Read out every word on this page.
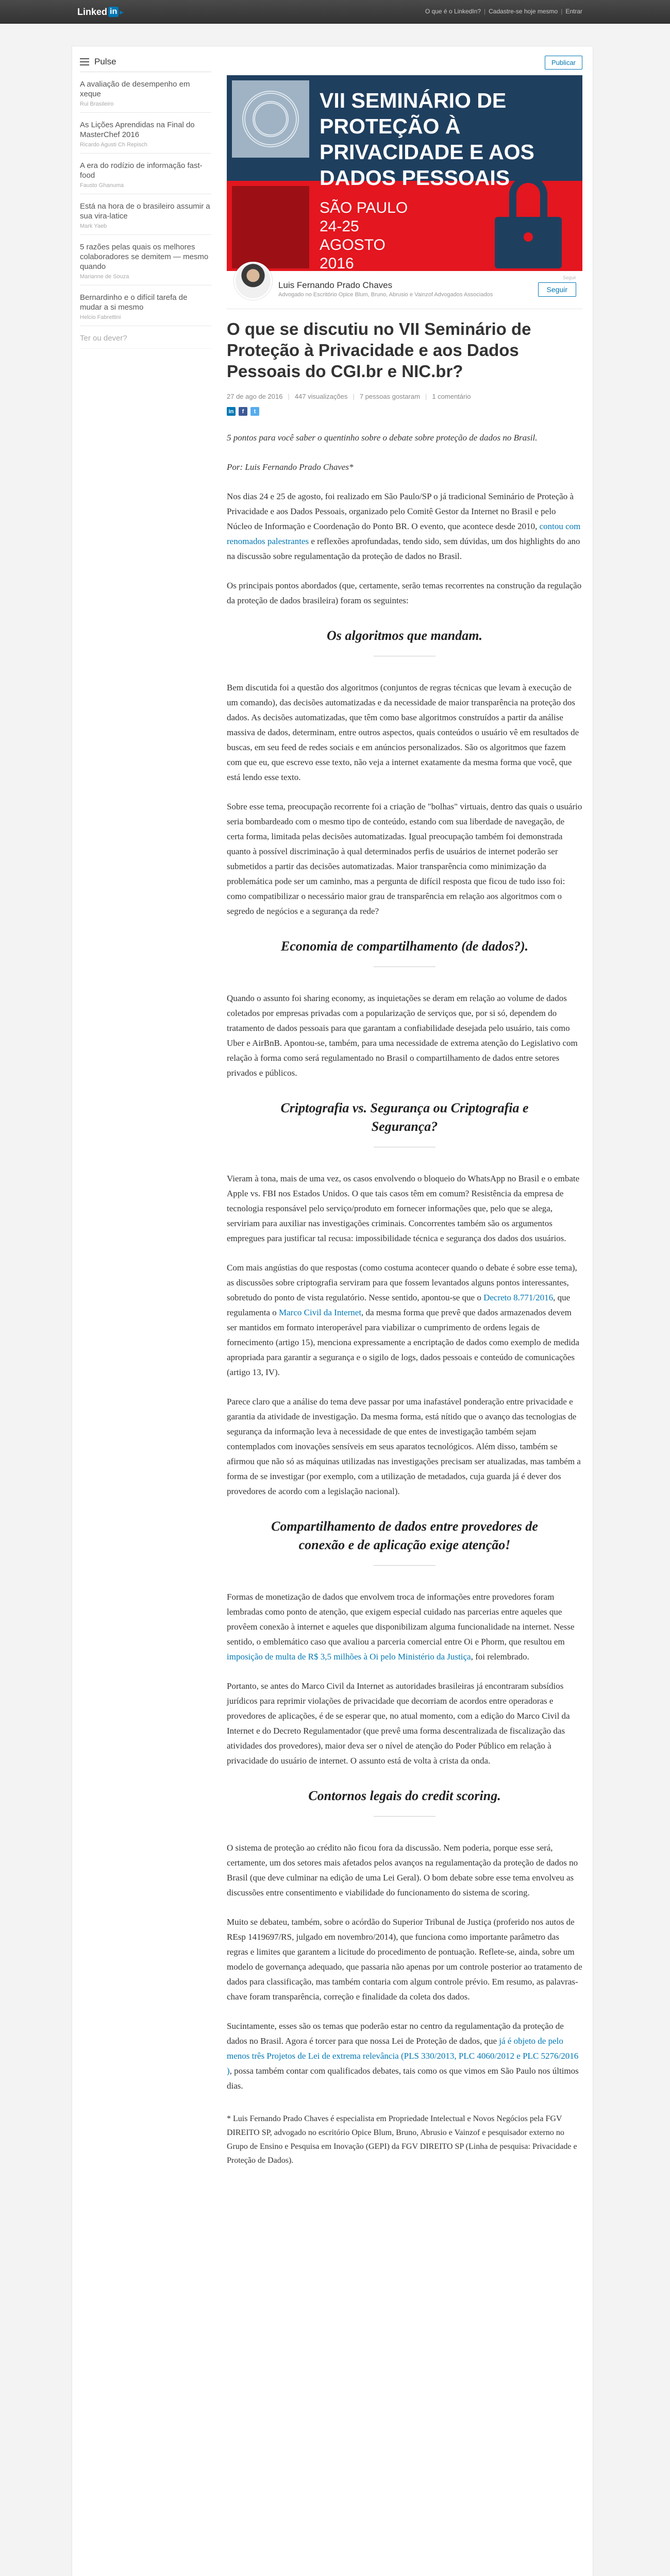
Linked in ▸	O que é o LinkedIn? | Cadastre-se hoje mesmo | Entrar
Pulse
A avaliação de desempenho em xeque
Rui Brasileiro
As Lições Aprendidas na Final do MasterChef 2016
Ricardo Agusti Ch Repisch
A era do rodízio de informação fast-food
Fausto Ghanuma
Está na hora de o brasileiro assumir a sua vira-latice
Mark Yaeb
5 razões pelas quais os melhores colaboradores se demitem — mesmo quando
Marianne de Souza
Bernardinho e o difícil tarefa de mudar a si mesmo
Helcio Fabrettini
Ter ou dever?
Publicar
VII SEMINÁRIO DE PROTEÇÃO À PRIVACIDADE E AOS DADOS PESSOAIS
SÃO PAULO
24-25
AGOSTO
2016
Luis Fernando Prado Chaves
Advogado no Escritório Opice Blum, Bruno, Abrusio e Vainzof Advogados Associados
Seguir
Seguir
O que se discutiu no VII Seminário de Proteção à Privacidade e aos Dados Pessoais do CGI.br e NIC.br?
27 de ago de 2016 | 447 visualizações | 7 pessoas gostaram | 1 comentário
in	f	t

5 pontos para você saber o quentinho sobre o debate sobre proteção de dados no Brasil.

Por: Luis Fernando Prado Chaves*

Nos dias 24 e 25 de agosto, foi realizado em São Paulo/SP o já tradicional Seminário de Proteção à Privacidade e aos Dados Pessoais, organizado pelo Comitê Gestor da Internet no Brasil e pelo Núcleo de Informação e Coordenação do Ponto BR. O evento, que acontece desde 2010, contou com renomados palestrantes e reflexões aprofundadas, tendo sido, sem dúvidas, um dos highlights do ano na discussão sobre regulamentação da proteção de dados no Brasil.

Os principais pontos abordados (que, certamente, serão temas recorrentes na construção da regulação da proteção de dados brasileira) foram os seguintes:

Os algoritmos que mandam.

Bem discutida foi a questão dos algoritmos (conjuntos de regras técnicas que levam à execução de um comando), das decisões automatizadas e da necessidade de maior transparência na proteção dos dados. As decisões automatizadas, que têm como base algoritmos construídos a partir da análise massiva de dados, determinam, entre outros aspectos, quais conteúdos o usuário vê em resultados de buscas, em seu feed de redes sociais e em anúncios personalizados. São os algoritmos que fazem com que eu, que escrevo esse texto, não veja a internet exatamente da mesma forma que você, que está lendo esse texto.

Sobre esse tema, preocupação recorrente foi a criação de "bolhas" virtuais, dentro das quais o usuário seria bombardeado com o mesmo tipo de conteúdo, estando com sua liberdade de navegação, de certa forma, limitada pelas decisões automatizadas. Igual preocupação também foi demonstrada quanto à possível discriminação à qual determinados perfis de usuários de internet poderão ser submetidos a partir das decisões automatizadas. Maior transparência como minimização da problemática pode ser um caminho, mas a pergunta de difícil resposta que ficou de tudo isso foi: como compatibilizar o necessário maior grau de transparência em relação aos algoritmos com o segredo de negócios e a segurança da rede?

Economia de compartilhamento (de dados?).

Quando o assunto foi sharing economy, as inquietações se deram em relação ao volume de dados coletados por empresas privadas com a popularização de serviços que, por si só, dependem do tratamento de dados pessoais para que garantam a confiabilidade desejada pelo usuário, tais como Uber e AirBnB. Apontou-se, também, para uma necessidade de extrema atenção do Legislativo com relação à forma como será regulamentado no Brasil o compartilhamento de dados entre setores privados e públicos.

Criptografia vs. Segurança ou Criptografia e Segurança?

Vieram à tona, mais de uma vez, os casos envolvendo o bloqueio do WhatsApp no Brasil e o embate Apple vs. FBI nos Estados Unidos. O que tais casos têm em comum? Resistência da empresa de tecnologia responsável pelo serviço/produto em fornecer informações que, pelo que se alega, serviriam para auxiliar nas investigações criminais. Concorrentes também são os argumentos empregues para justificar tal recusa: impossibilidade técnica e segurança dos dados dos usuários.

Com mais angústias do que respostas (como costuma acontecer quando o debate é sobre esse tema), as discussões sobre criptografia serviram para que fossem levantados alguns pontos interessantes, sobretudo do ponto de vista regulatório. Nesse sentido, apontou-se que o Decreto 8.771/2016, que regulamenta o Marco Civil da Internet, da mesma forma que prevê que dados armazenados devem ser mantidos em formato interoperável para viabilizar o cumprimento de ordens legais de fornecimento (artigo 15), menciona expressamente a encriptação de dados como exemplo de medida apropriada para garantir a segurança e o sigilo de logs, dados pessoais e conteúdo de comunicações (artigo 13, IV).

Parece claro que a análise do tema deve passar por uma inafastável ponderação entre privacidade e garantia da atividade de investigação. Da mesma forma, está nítido que o avanço das tecnologias de segurança da informação leva à necessidade de que entes de investigação também sejam contemplados com inovações sensíveis em seus aparatos tecnológicos. Além disso, também se afirmou que não só as máquinas utilizadas nas investigações precisam ser atualizadas, mas também a forma de se investigar (por exemplo, com a utilização de metadados, cuja guarda já é dever dos provedores de acordo com a legislação nacional).

Compartilhamento de dados entre provedores de conexão e de aplicação exige atenção!

Formas de monetização de dados que envolvem troca de informações entre provedores foram lembradas como ponto de atenção, que exigem especial cuidado nas parcerias entre aqueles que provêem conexão à internet e aqueles que disponibilizam alguma funcionalidade na internet. Nesse sentido, o emblemático caso que avaliou a parceria comercial entre Oi e Phorm, que resultou em imposição de multa de R$ 3,5 milhões à Oi pelo Ministério da Justiça, foi relembrado.

Portanto, se antes do Marco Civil da Internet as autoridades brasileiras já encontraram subsídios jurídicos para reprimir violações de privacidade que decorriam de acordos entre operadoras e provedores de aplicações, é de se esperar que, no atual momento, com a edição do Marco Civil da Internet e do Decreto Regulamentador (que prevê uma forma descentralizada de fiscalização das atividades dos provedores), maior deva ser o nível de atenção do Poder Público em relação à privacidade do usuário de internet. O assunto está de volta à crista da onda.

Contornos legais do credit scoring.

O sistema de proteção ao crédito não ficou fora da discussão. Nem poderia, porque esse será, certamente, um dos setores mais afetados pelos avanços na regulamentação da proteção de dados no Brasil (que deve culminar na edição de uma Lei Geral). O bom debate sobre esse tema envolveu as discussões entre consentimento e viabilidade do funcionamento do sistema de scoring.

Muito se debateu, também, sobre o acórdão do Superior Tribunal de Justiça (proferido nos autos de REsp 1419697/RS, julgado em novembro/2014), que funciona como importante parâmetro das regras e limites que garantem a licitude do procedimento de pontuação. Reflete-se, ainda, sobre um modelo de governança adequado, que passaria não apenas por um controle posterior ao tratamento de dados para classificação, mas também contaria com algum controle prévio. Em resumo, as palavras-chave foram transparência, correção e finalidade da coleta dos dados.

Sucintamente, esses são os temas que poderão estar no centro da regulamentação da proteção de dados no Brasil. Agora é torcer para que nossa Lei de Proteção de dados, que já é objeto de pelo menos três Projetos de Lei de extrema relevância (PLS 330/2013, PLC 4060/2012 e PLC 5276/2016 ), possa também contar com qualificados debates, tais como os que vimos em São Paulo nos últimos dias.

* Luis Fernando Prado Chaves é especialista em Propriedade Intelectual e Novos Negócios pela FGV DIREITO SP, advogado no escritório Opice Blum, Bruno, Abrusio e Vainzof e pesquisador externo no Grupo de Ensino e Pesquisa em Inovação (GEPI) da FGV DIREITO SP (Linha de pesquisa: Privacidade e Proteção de Dados).
